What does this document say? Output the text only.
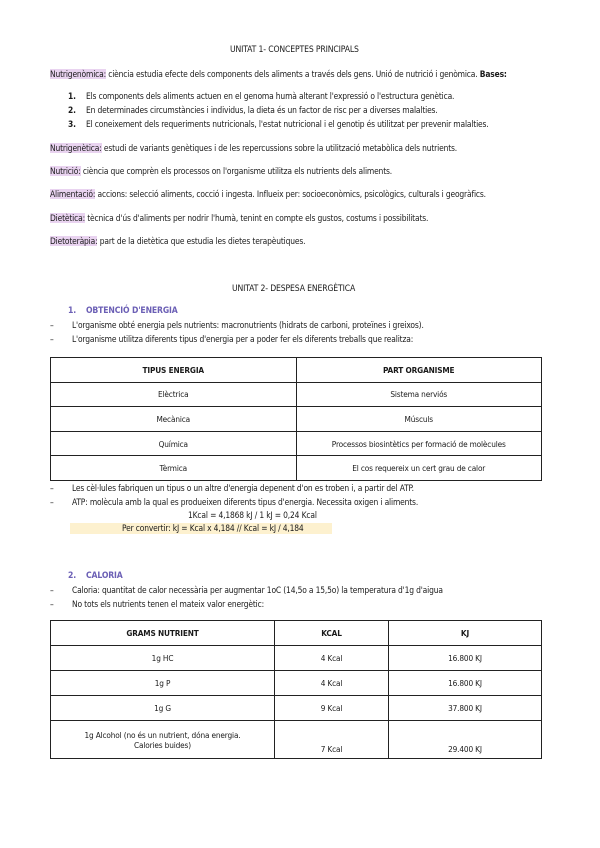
UNITAT 1- CONCEPTES PRINCIPALS
Nutrigenòmica: ciència estudia efecte dels components dels aliments a través dels gens. Unió de nutrició i genòmica. Bases:
1. Els components dels aliments actuen en el genoma humà alterant l'expressió o l'estructura genètica.
2. En determinades circumstàncies i individus, la dieta és un factor de risc per a diverses malalties.
3. El coneixement dels requeriments nutricionals, l'estat nutricional i el genotip és utilitzat per prevenir malalties.
Nutrigenètica: estudi de variants genètiques i de les repercussions sobre la utilització metabòlica dels nutrients.
Nutrició: ciència que comprèn els processos on l'organisme utilitza els nutrients dels aliments.
Alimentació: accions: selecció aliments, cocció i ingesta. Influeix per: socioeconòmics, psicològics, culturals i geogràfics.
Dietètica: tècnica d'ús d'aliments per nodrir l'humà, tenint en compte els gustos, costums i possibilitats.
Dietoteràpia: part de la dietètica que estudia les dietes terapèutiques.
UNITAT 2- DESPESA ENERGÈTICA
1. OBTENCIÓ D'ENERGIA
– L'organisme obté energia pels nutrients: macronutrients (hidrats de carboni, proteïnes i greixos).
– L'organisme utilitza diferents tipus d'energia per a poder fer els diferents treballs que realitza:
TIPUS ENERGIA	PART ORGANISME
Elèctrica	Sistema nerviós
Mecànica	Músculs
Química	Processos biosintètics per formació de molècules
Tèrmica	El cos requereix un cert grau de calor
– Les cèl·lules fabriquen un tipus o un altre d'energia depenent d'on es troben i, a partir del ATP.
– ATP: molècula amb la qual es produeixen diferents tipus d'energia. Necessita oxigen i aliments.
1Kcal = 4,1868 kJ / 1 kJ = 0,24 Kcal
Per convertir: kJ = Kcal x 4,184 // Kcal = kJ / 4,184
2. CALORIA
– Caloria: quantitat de calor necessària per augmentar 1oC (14,5o a 15,5o) la temperatura d'1g d'aigua
– No tots els nutrients tenen el mateix valor energètic:
GRAMS NUTRIENT	KCAL	KJ
1g HC	4 Kcal	16.800 KJ
1g P	4 Kcal	16.800 KJ
1g G	9 Kcal	37.800 KJ

1g Alcohol (no és un nutrient, dóna energia.
Calories buides)	7 Kcal	29.400 KJ
